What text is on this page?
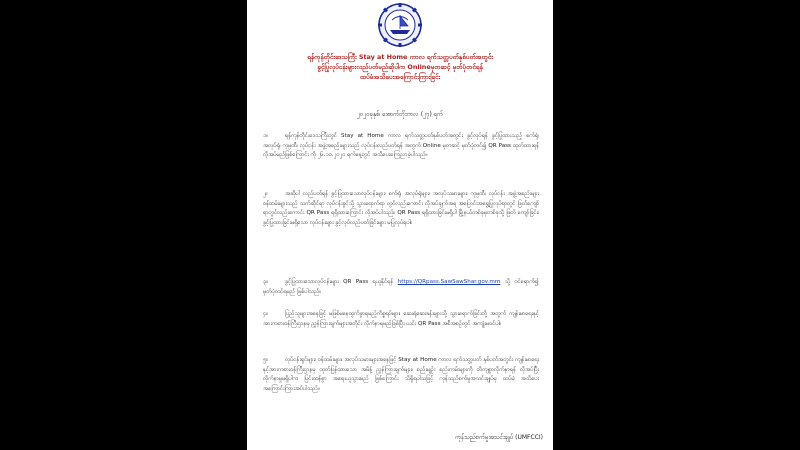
ရန်ကုန်တိုင်းဒေသကြီး Stay at Home ကာလ ရက်သတ္တပတ်နှစ်ပတ်အတွင်း
ခွင့်ပြုလုပ်ငန်းများလည်ပတ်မည်ဆိုပါက Onlineမှတဆင့် မှတ်ပုံတင်ရန်
ထပ်မံအသိပေးအကြောင်းကြားခြင်း
၂၀၂၀ခုနှစ်၊ အောက်တိုဘာလ (၂၇) ရက်
၁။	ရန်ကုန်တိုင်းဒေသကြီးတွင် Stay at Home ကာလ ရက်သတ္တပတ်နှစ်ပတ်အတွင်း ခွင့်လုပ်ရန် ခွင့်ပြုထားသည့် စက်ရုံ၊ အလုပ်ရုံ၊ ကုမ္ပဏီ၊ လုပ်ငန်း အဖွဲ့အစည်းများသည် လုပ်ငန်းလည်ပတ်ရန် အတွက် Online မှတဆင့် မှတ်ပုံတင်၍ QR Pass ထုတ်ထားရန် လိုအပ်မည်ဖြစ်ကြောင်း ကို ၂၆.၁၀.၂၀၂၀ ရက်နေ့တွင် အသိပေးကြေညာခဲ့ပါသည်။
၂။	အဆိုပါ လည်ပတ်ရန် ခွင့်ပြုထားသောလုပ်ငန်းများ၊ စက်ရုံ၊ အလုပ်ရုံများ၊ အလုပ်သမားများ၊ ကုမ္ပဏီ၊ လုပ်ငန်း အဖွဲ့အစည်းများ ဝန်ထမ်းများသည် သက်ဆိုင်ရာ လုပ်ငန်းခွင်သို့ သွားရောက်ရာ တွင်လည်းကောင်း လိုအပ်ချက်အရ အပြောင်းအရွှေ့ပြုလုပ်ရာတွင် ဖြတ်ကျော်ရာတွင်လည်းကောင်း QR Pass ရရှိထားကြောင်း လိုအပ်ပါသည်။ QR Pass ရရှိထားခြင်းမရှိပါ မြို့နယ်တစ်ခုမှတစ်ခုသို့ ဖြတ် ကျော်ခြင်း၊ ခွင့်ပြုထားခြင်းမရှိသော လုပ်ငန်းများ ခွင့်လုပ်လည်ပတ်ခြင်းများ မပြုလုပ်ရပါ။
၃။	ခွင့်ပြုထားသောလုပ်ငန်းများ QR Pass ရယူနိုင်ရန် https://QRpass.SawSawShar.gov.mm သို့ ဝင်ရောက်၍ မှတ်ပုံတင်ရမည် ဖြစ်ပါသည်။
၄။	ပြည်သူများအနေဖြင့် မဖြစ်မနေထွက်ခွာရမည့်ကိစ္စရပ်များ၊ ဆေးရုံဆေးခန်းများသို့ သွားရောက်ခြင်းတို့ အတွက် ကျန်းမာရေးနှင့်အားကစားဝန်ကြီးဌာနမှ ညွှန်ကြားချက်များအတိုင်း လိုက်နာရမည်ဖြစ်ပြီး ယင်း QR Pass အစီအစဉ်တွင် အကျုံးမဝင်ပါ။
၅။	လုပ်ငန်းရှင်များ၊ ဝန်ထမ်းများ၊ အလုပ်သမားများအနေဖြင့် Stay at Home ကာလ ရက်သတ္တပတ် နှစ်ပတ်အတွင်း ကျန်းမာရေးနှင့်အားကစားဝန်ကြီးဌာနမှ ထုတ်ပြန်ထားသော အမိန့် ညွှန်ကြားချက်များ၊ စည်းမျဉ်း စည်းကမ်းများကို တိကျစွာလိုက်နာရန် လိုအပ်ပြီး လိုက်နာမှုမရှိပါက ပြင်းထန်စွာ အရေးယူသွားမည် ဖြစ်ကြောင်း သိရှိရပါသဖြင့် ကုန်သည်စက်မှုအသင်းချုပ်မှ ထပ်မံ အသိပေးအကြောင်းကြားအပ်ပါသည်။
ကုန်သည်စက်မှုအသင်းချုပ် (UMFCCI)
